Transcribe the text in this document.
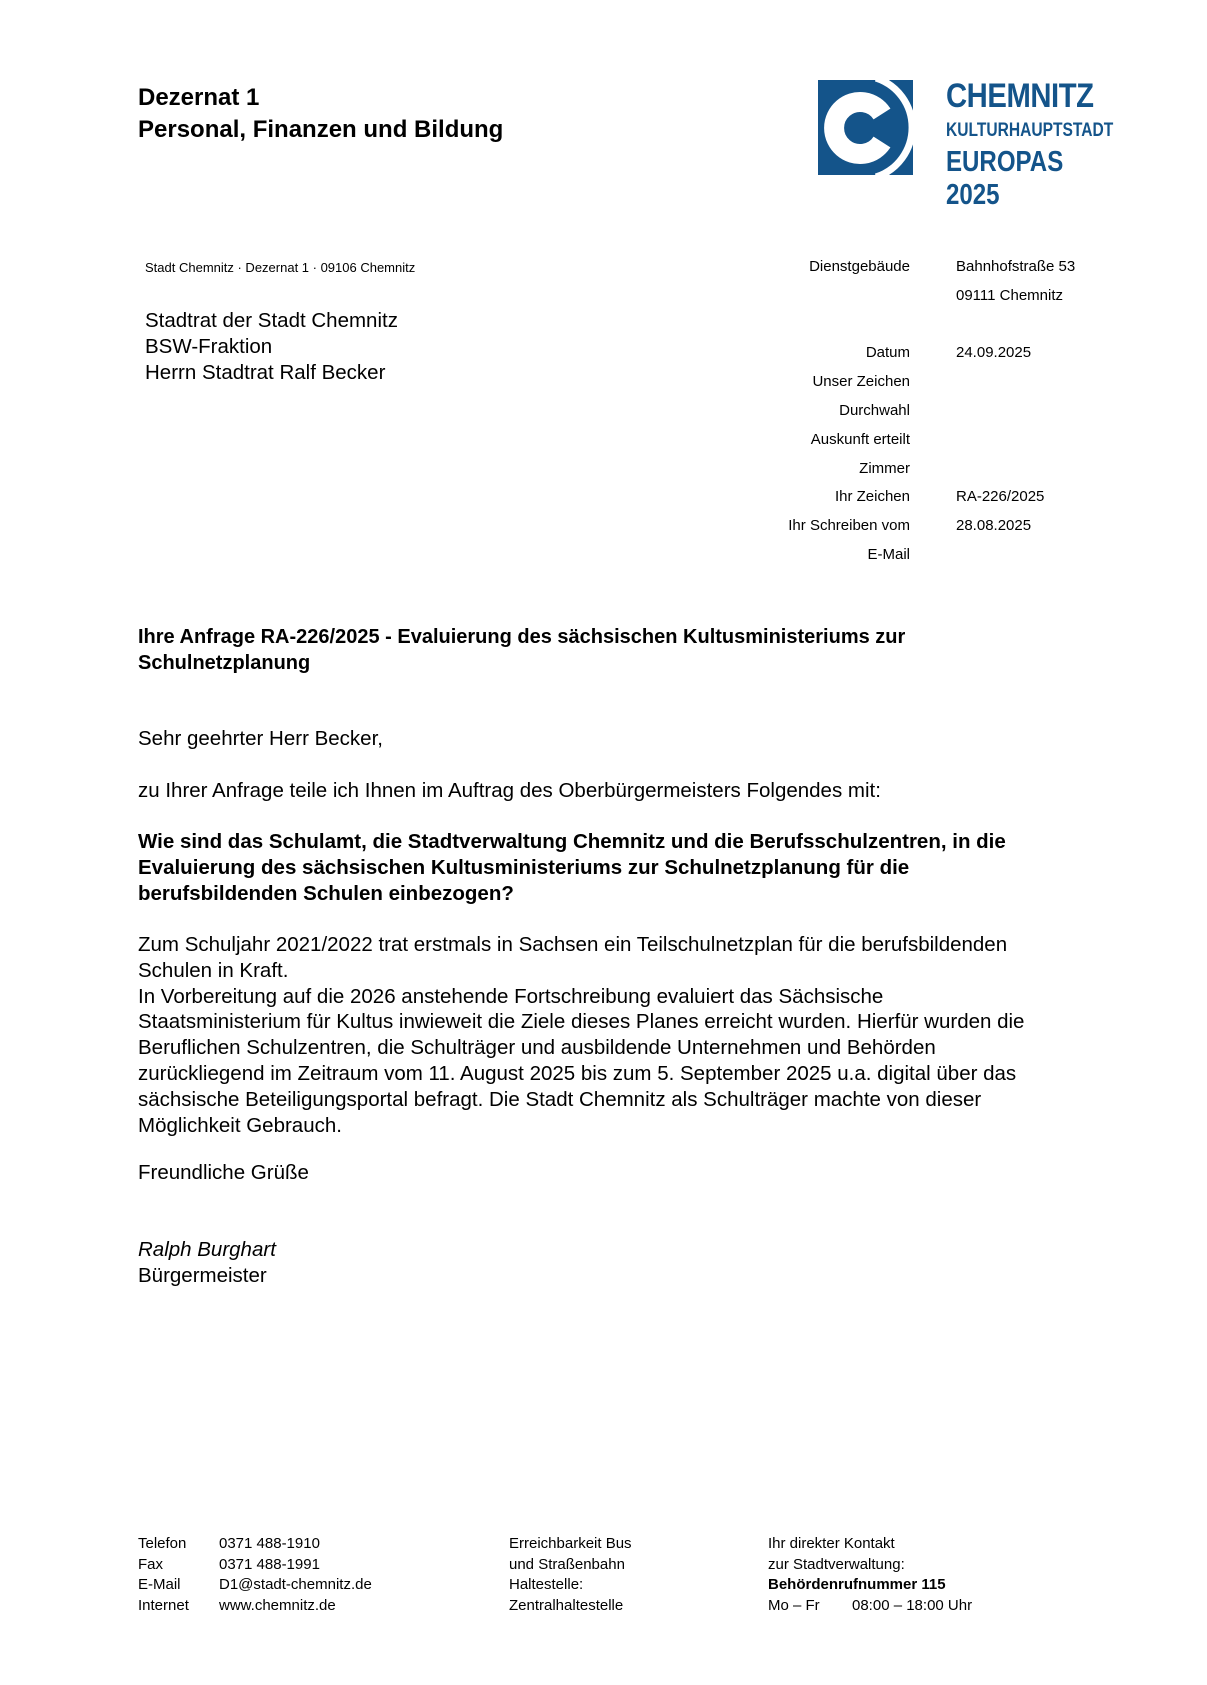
Dezernat 1
Personal, Finanzen und Bildung
CHEMNITZ
KULTURHAUPTSTADT
EUROPAS 2025
Stadt Chemnitz · Dezernat 1 · 09106 Chemnitz
Stadtrat der Stadt Chemnitz
BSW-Fraktion
Herrn Stadtrat Ralf Becker
Dienstgebäude	Bahnhofstraße 53
09111 Chemnitz
Datum	24.09.2025
Unser Zeichen
Durchwahl
Auskunft erteilt
Zimmer
Ihr Zeichen	RA-226/2025
Ihr Schreiben vom	28.08.2025
E-Mail
Ihre Anfrage RA-226/2025 - Evaluierung des sächsischen Kultusministeriums zur
Schulnetzplanung
Sehr geehrter Herr Becker,
zu Ihrer Anfrage teile ich Ihnen im Auftrag des Oberbürgermeisters Folgendes mit:
Wie sind das Schulamt, die Stadtverwaltung Chemnitz und die Berufsschulzentren, in die
Evaluierung des sächsischen Kultusministeriums zur Schulnetzplanung für die
berufsbildenden Schulen einbezogen?
Zum Schuljahr 2021/2022 trat erstmals in Sachsen ein Teilschulnetzplan für die berufsbildenden
Schulen in Kraft.
In Vorbereitung auf die 2026 anstehende Fortschreibung evaluiert das Sächsische
Staatsministerium für Kultus inwieweit die Ziele dieses Planes erreicht wurden. Hierfür wurden die
Beruflichen Schulzentren, die Schulträger und ausbildende Unternehmen und Behörden
zurückliegend im Zeitraum vom 11. August 2025 bis zum 5. September 2025 u.a. digital über das
sächsische Beteiligungsportal befragt. Die Stadt Chemnitz als Schulträger machte von dieser
Möglichkeit Gebrauch.
Freundliche Grüße
Ralph Burghart
Bürgermeister
Telefon	0371 488-1910
Fax	0371 488-1991
E-Mail	D1@stadt-chemnitz.de
Internet	www.chemnitz.de
Erreichbarkeit Bus
und Straßenbahn
Haltestelle:
Zentralhaltestelle
Ihr direkter Kontakt
zur Stadtverwaltung:
Behördenrufnummer 115
Mo – Fr 08:00 – 18:00 Uhr
